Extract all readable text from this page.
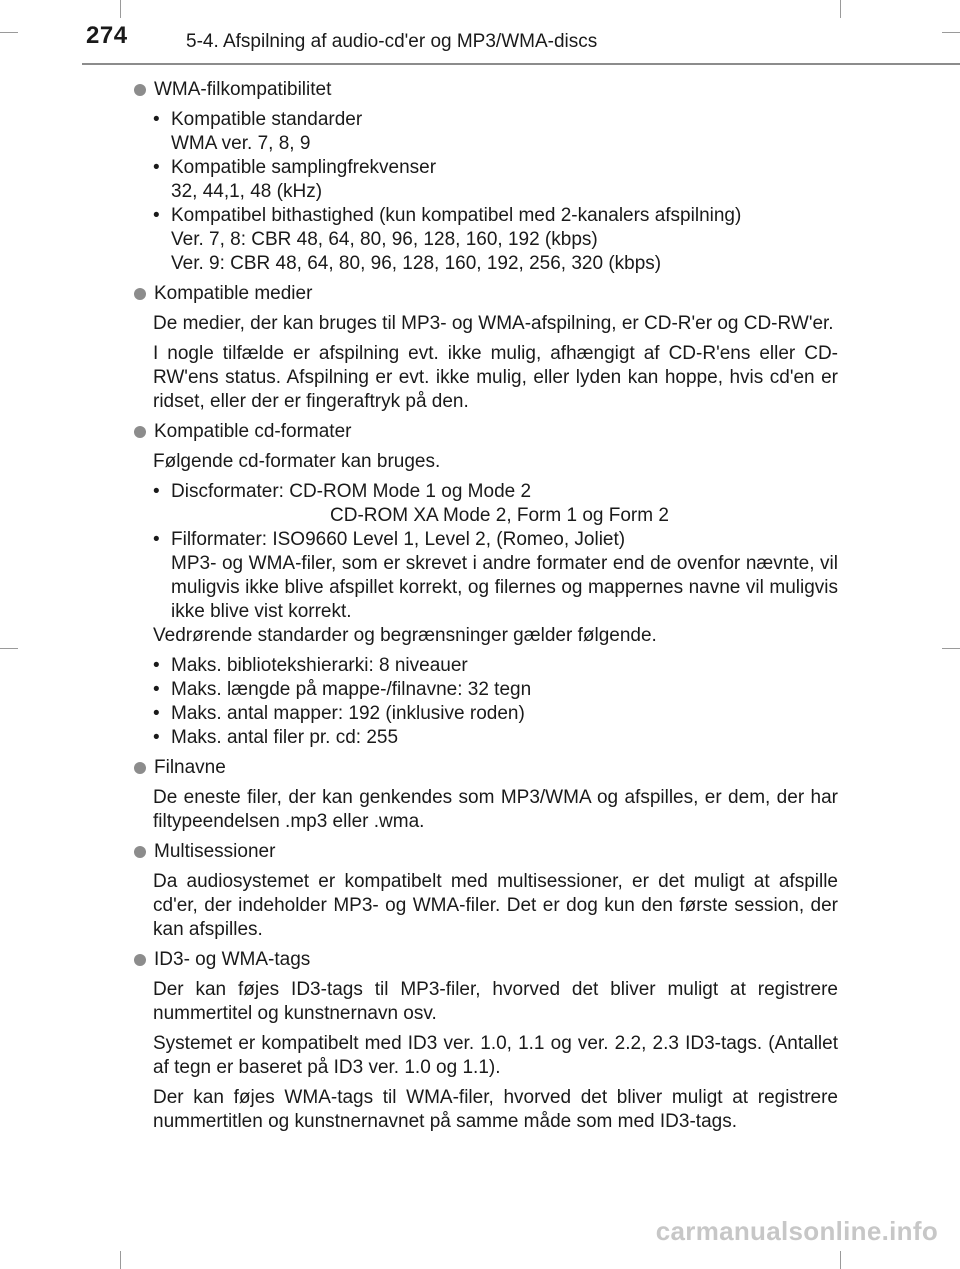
274	5-4. Afspilning af audio-cd'er og MP3/WMA-discs

WMA-filkompatibilitet

• Kompatible standarder
WMA ver. 7, 8, 9
• Kompatible samplingfrekvenser
32, 44,1, 48 (kHz)
• Kompatibel bithastighed (kun kompatibel med 2-kanalers afspilning)
Ver. 7, 8: CBR 48, 64, 80, 96, 128, 160, 192 (kbps)
Ver. 9: CBR 48, 64, 80, 96, 128, 160, 192, 256, 320 (kbps)

Kompatible medier

De medier, der kan bruges til MP3- og WMA-afspilning, er CD-R'er og CD-RW'er.

I nogle tilfælde er afspilning evt. ikke mulig, afhængigt af CD-R'ens eller CD-RW'ens status. Afspilning er evt. ikke mulig, eller lyden kan hoppe, hvis cd'en er ridset, eller der er fingeraftryk på den.

Kompatible cd-formater

Følgende cd-formater kan bruges.

• Discformater: CD-ROM Mode 1 og Mode 2
CD-ROM XA Mode 2, Form 1 og Form 2
• Filformater: ISO9660 Level 1, Level 2, (Romeo, Joliet)
MP3- og WMA-filer, som er skrevet i andre formater end de ovenfor nævnte, vil muligvis ikke blive afspillet korrekt, og filernes og mappernes navne vil muligvis ikke blive vist korrekt.

Vedrørende standarder og begrænsninger gælder følgende.

• Maks. bibliotekshierarki: 8 niveauer
• Maks. længde på mappe-/filnavne: 32 tegn
• Maks. antal mapper: 192 (inklusive roden)
• Maks. antal filer pr. cd: 255

Filnavne

De eneste filer, der kan genkendes som MP3/WMA og afspilles, er dem, der har filtypeendelsen .mp3 eller .wma.

Multisessioner

Da audiosystemet er kompatibelt med multisessioner, er det muligt at afspille cd'er, der indeholder MP3- og WMA-filer. Det er dog kun den første session, der kan afspilles.

ID3- og WMA-tags

Der kan føjes ID3-tags til MP3-filer, hvorved det bliver muligt at registrere nummertitel og kunstnernavn osv.

Systemet er kompatibelt med ID3 ver. 1.0, 1.1 og ver. 2.2, 2.3 ID3-tags. (Antallet af tegn er baseret på ID3 ver. 1.0 og 1.1).

Der kan føjes WMA-tags til WMA-filer, hvorved det bliver muligt at registrere nummertitlen og kunstnernavnet på samme måde som med ID3-tags.

carmanualsonline.info
